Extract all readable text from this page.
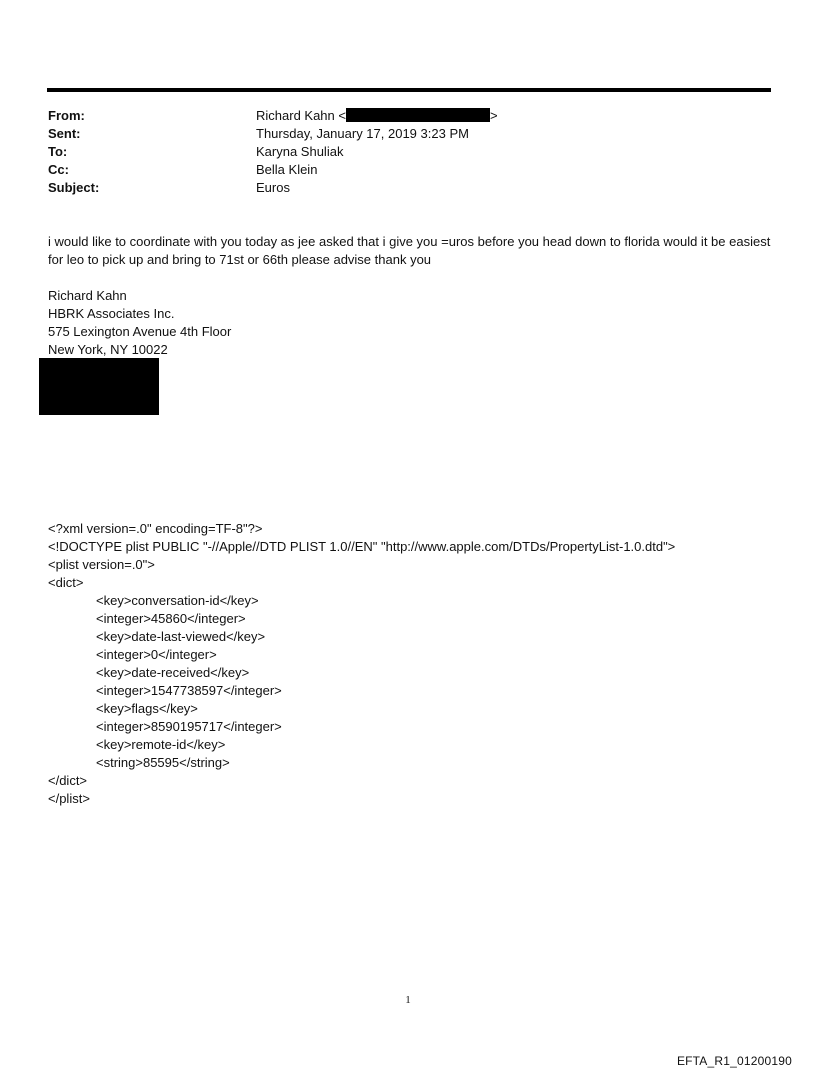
From:	Richard Kahn <	>
Sent:	Thursday, January 17, 2019 3:23 PM
To:	Karyna Shuliak
Cc:	Bella Klein
Subject:	Euros
i would like to coordinate with you today as jee asked that i give you =uros before you head down to florida would it be easiest for leo to pick up and bring to 71st or 66th please advise thank you
Richard Kahn
HBRK Associates Inc.
575 Lexington Avenue 4th Floor
New York, NY 10022
<?xml version=.0" encoding=TF-8"?>
<!DOCTYPE plist PUBLIC "-//Apple//DTD PLIST 1.0//EN" "http://www.apple.com/DTDs/PropertyList-1.0.dtd">
<plist version=.0">
<dict>
<key>conversation-id</key>
<integer>45860</integer>
<key>date-last-viewed</key>
<integer>0</integer>
<key>date-received</key>
<integer>1547738597</integer>
<key>flags</key>
<integer>8590195717</integer>
<key>remote-id</key>
<string>85595</string>
</dict>
</plist>
1
EFTA_R1_01200190
